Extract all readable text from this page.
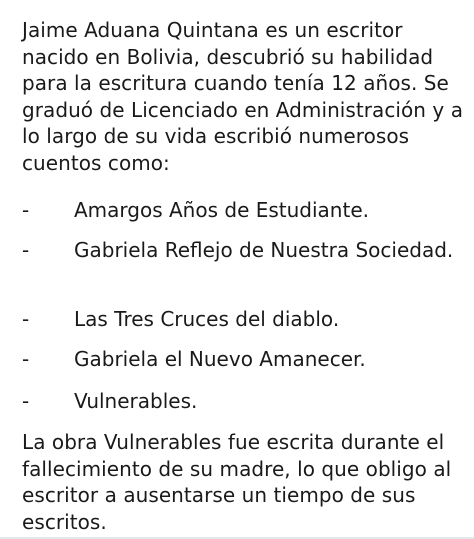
Jaime Aduana Quintana es un escritor nacido en Bolivia, descubrió su habilidad para la escritura cuando tenía 12 años. Se graduó de Licenciado en Administración y a lo largo de su vida escribió numerosos cuentos como:

- Amargos Años de Estudiante.
- Gabriela Reflejo de Nuestra Sociedad.
- Las Tres Cruces del diablo.
- Gabriela el Nuevo Amanecer.
- Vulnerables.

La obra Vulnerables fue escrita durante el fallecimiento de su madre, lo que obligo al escritor a ausentarse un tiempo de sus escritos.
